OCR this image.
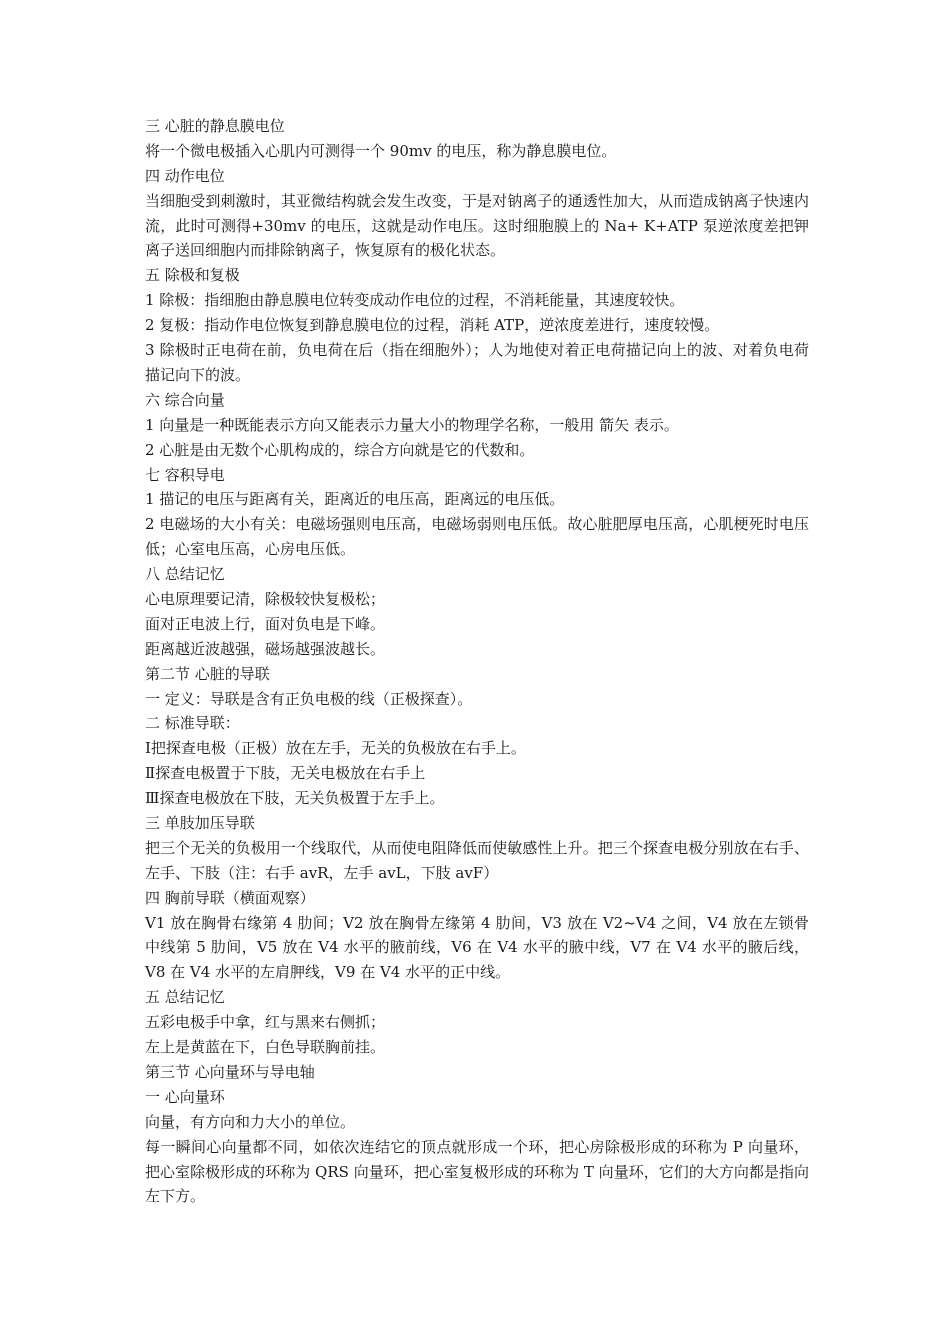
三 心脏的静息膜电位
将一个微电极插入心肌内可测得一个 90mv 的电压，称为静息膜电位。
四 动作电位

当细胞受到刺激时，其亚微结构就会发生改变，于是对钠离子的通透性加大，从而造成钠离子快速内流，此时可测得+30mv 的电压，这就是动作电压。这时细胞膜上的 Na+ K+ATP 泵逆浓度差把钾离子送回细胞内而排除钠离子，恢复原有的极化状态。

五 除极和复极
1 除极：指细胞由静息膜电位转变成动作电位的过程，不消耗能量，其速度较快。
2 复极：指动作电位恢复到静息膜电位的过程，消耗 ATP，逆浓度差进行，速度较慢。

3 除极时正电荷在前，负电荷在后（指在细胞外）；人为地使对着正电荷描记向上的波、对着负电荷描记向下的波。

六 综合向量
1 向量是一种既能表示方向又能表示力量大小的物理学名称，一般用 箭矢 表示。
2 心脏是由无数个心肌构成的，综合方向就是它的代数和。
七 容积导电
1 描记的电压与距离有关，距离近的电压高，距离远的电压低。

2 电磁场的大小有关：电磁场强则电压高，电磁场弱则电压低。故心脏肥厚电压高，心肌梗死时电压低；心室电压高，心房电压低。

八 总结记忆
心电原理要记清，除极较快复极松；
面对正电波上行，面对负电是下峰。
距离越近波越强，磁场越强波越长。
第二节 心脏的导联
一 定义：导联是含有正负电极的线（正极探查）。
二 标准导联：
Ⅰ把探查电极（正极）放在左手，无关的负极放在右手上。
Ⅱ探查电极置于下肢，无关电极放在右手上
Ⅲ探查电极放在下肢，无关负极置于左手上。
三 单肢加压导联

把三个无关的负极用一个线取代，从而使电阻降低而使敏感性上升。把三个探查电极分别放在右手、左手、下肢（注：右手 avR，左手 avL，下肢 avF）

四 胸前导联（横面观察）

V1 放在胸骨右缘第 4 肋间；V2 放在胸骨左缘第 4 肋间，V3 放在 V2~V4 之间，V4 放在左锁骨中线第 5 肋间，V5 放在 V4 水平的腋前线，V6 在 V4 水平的腋中线，V7 在 V4 水平的腋后线，V8 在 V4 水平的左肩胛线，V9 在 V4 水平的正中线。

五 总结记忆
五彩电极手中拿，红与黑来右侧抓；
左上是黄蓝在下，白色导联胸前挂。
第三节 心向量环与导电轴
一 心向量环
向量，有方向和力大小的单位。

每一瞬间心向量都不同，如依次连结它的顶点就形成一个环，把心房除极形成的环称为 P 向量环，把心室除极形成的环称为 QRS 向量环，把心室复极形成的环称为 T 向量环，它们的大方向都是指向左下方。
